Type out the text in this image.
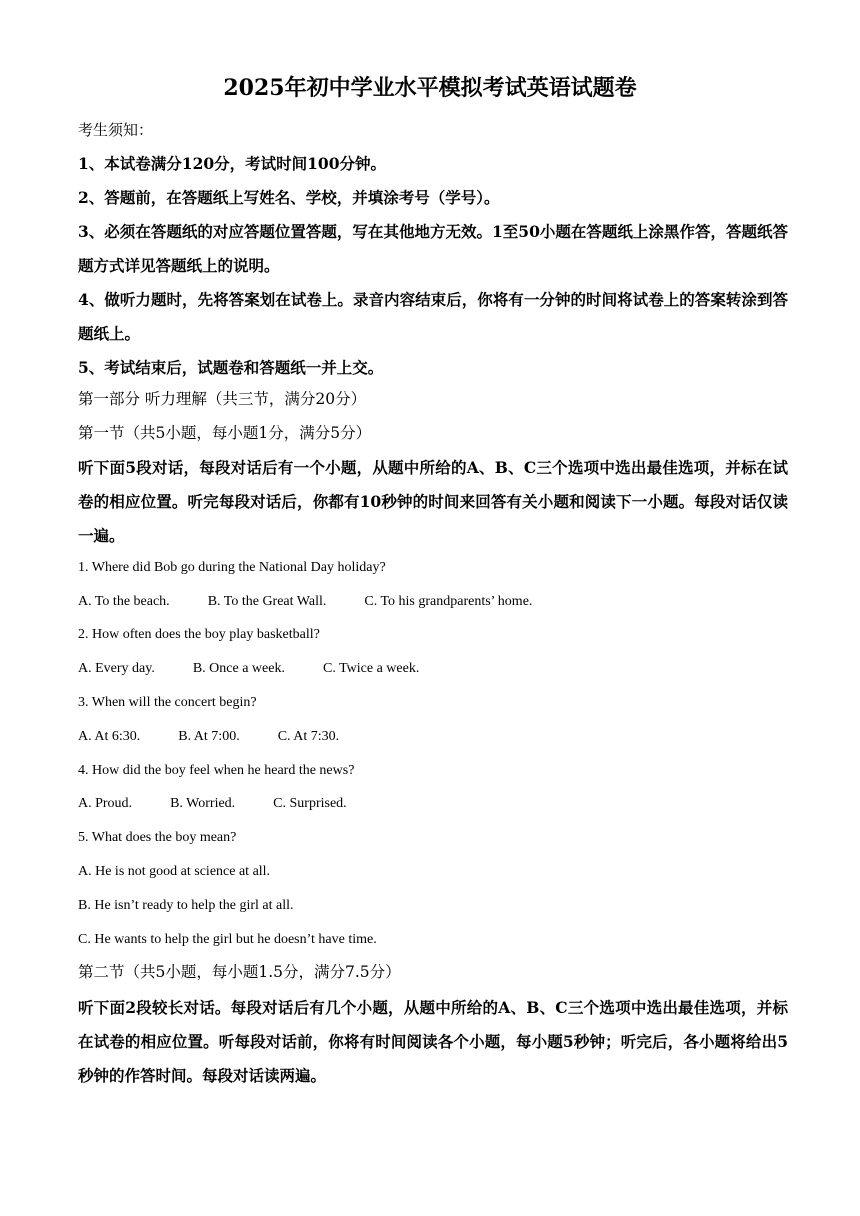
2025年初中学业水平模拟考试英语试题卷
考生须知：
1、本试卷满分120分，考试时间100分钟。
2、答题前，在答题纸上写姓名、学校，并填涂考号（学号）。
3、必须在答题纸的对应答题位置答题，写在其他地方无效。1至50小题在答题纸上涂黑作答，答题纸答题方式详见答题纸上的说明。
4、做听力题时，先将答案划在试卷上。录音内容结束后，你将有一分钟的时间将试卷上的答案转涂到答题纸上。
5、考试结束后，试题卷和答题纸一并上交。
第一部分 听力理解（共三节，满分20分）
第一节（共5小题，每小题1分，满分5分）
听下面5段对话，每段对话后有一个小题，从题中所给的A、B、C三个选项中选出最佳选项，并标在试卷的相应位置。听完每段对话后，你都有10秒钟的时间来回答有关小题和阅读下一小题。每段对话仅读一遍。
1. Where did Bob go during the National Day holiday?
A. To the beach.	B. To the Great Wall.	C. To his grandparents’ home.
2. How often does the boy play basketball?
A. Every day.	B. Once a week.	C. Twice a week.
3. When will the concert begin?
A. At 6:30.	B. At 7:00.	C. At 7:30.
4. How did the boy feel when he heard the news?
A. Proud.	B. Worried.	C. Surprised.
5. What does the boy mean?
A. He is not good at science at all.
B. He isn’t ready to help the girl at all.
C. He wants to help the girl but he doesn’t have time.
第二节（共5小题，每小题1.5分，满分7.5分）
听下面2段较长对话。每段对话后有几个小题，从题中所给的A、B、C三个选项中选出最佳选项，并标在试卷的相应位置。听每段对话前，你将有时间阅读各个小题，每小题5秒钟；听完后，各小题将给出5秒钟的作答时间。每段对话读两遍。
